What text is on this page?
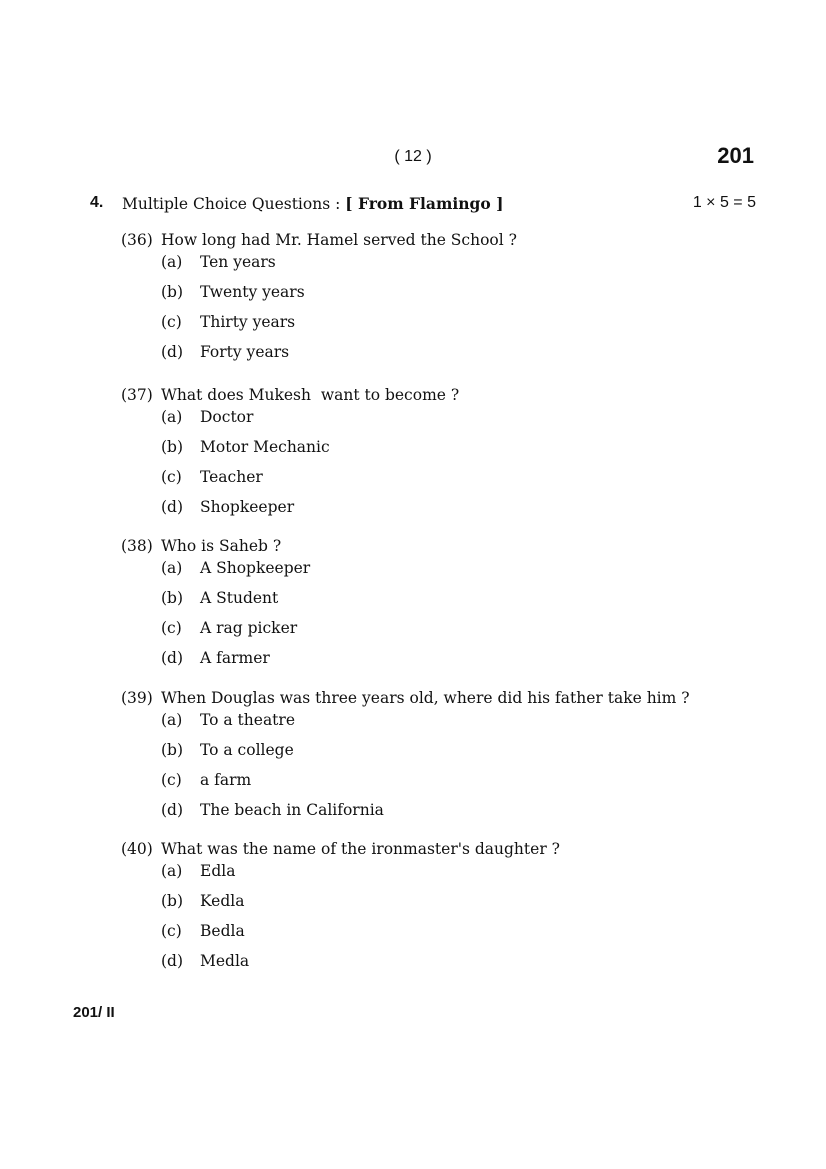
( 12 )	201
4. Multiple Choice Questions : [ From Flamingo ]	1 × 5 = 5
(36) How long had Mr. Hamel served the School ?
(a) Ten years
(b) Twenty years
(c) Thirty years
(d) Forty years
(37) What does Mukesh  want to become ?
(a) Doctor
(b) Motor Mechanic
(c) Teacher
(d) Shopkeeper
(38) Who is Saheb ?
(a) A Shopkeeper
(b) A Student
(c) A rag picker
(d) A farmer
(39) When Douglas was three years old, where did his father take him ?
(a) To a theatre
(b) To a college
(c) a farm
(d) The beach in California
(40) What was the name of the ironmaster's daughter ?
(a) Edla
(b) Kedla
(c) Bedla
(d) Medla
201/ II
